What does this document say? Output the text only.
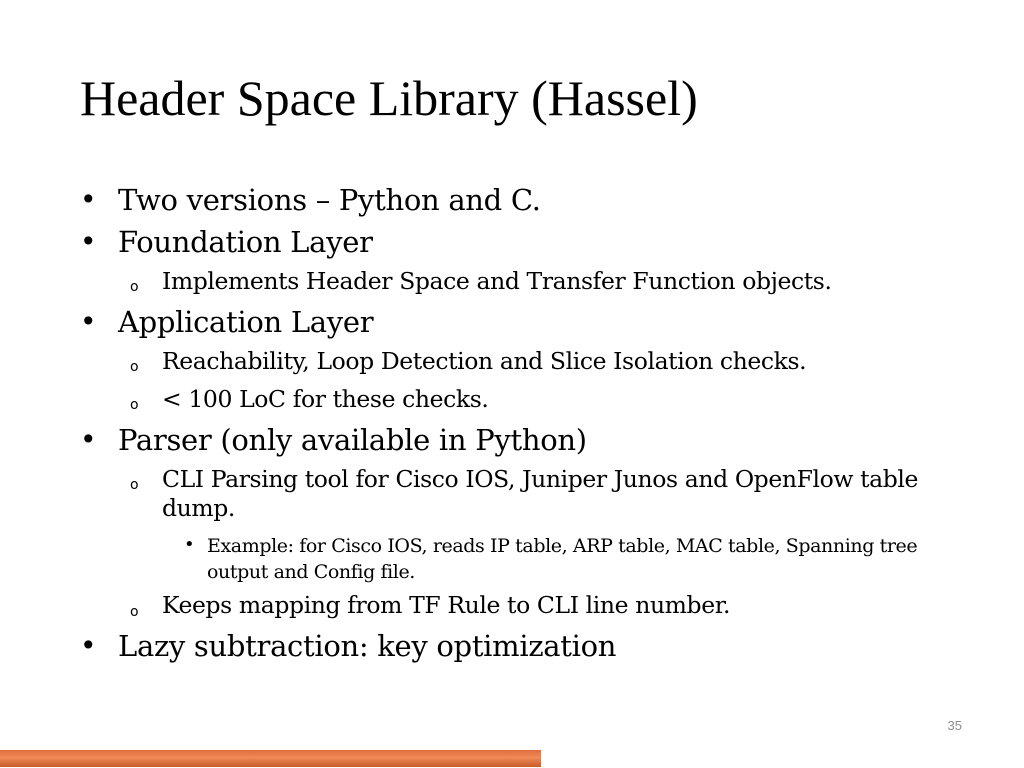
Header Space Library (Hassel)
• Two versions – Python and C.
• Foundation Layer
o Implements Header Space and Transfer Function objects.
• Application Layer
o Reachability, Loop Detection and Slice Isolation checks.
o < 100 LoC for these checks.
• Parser (only available in Python)
o CLI Parsing tool for Cisco IOS, Juniper Junos and OpenFlow table dump.
• Example: for Cisco IOS, reads IP table, ARP table, MAC table, Spanning tree output and Config file.
o Keeps mapping from TF Rule to CLI line number.
• Lazy subtraction: key optimization
35
